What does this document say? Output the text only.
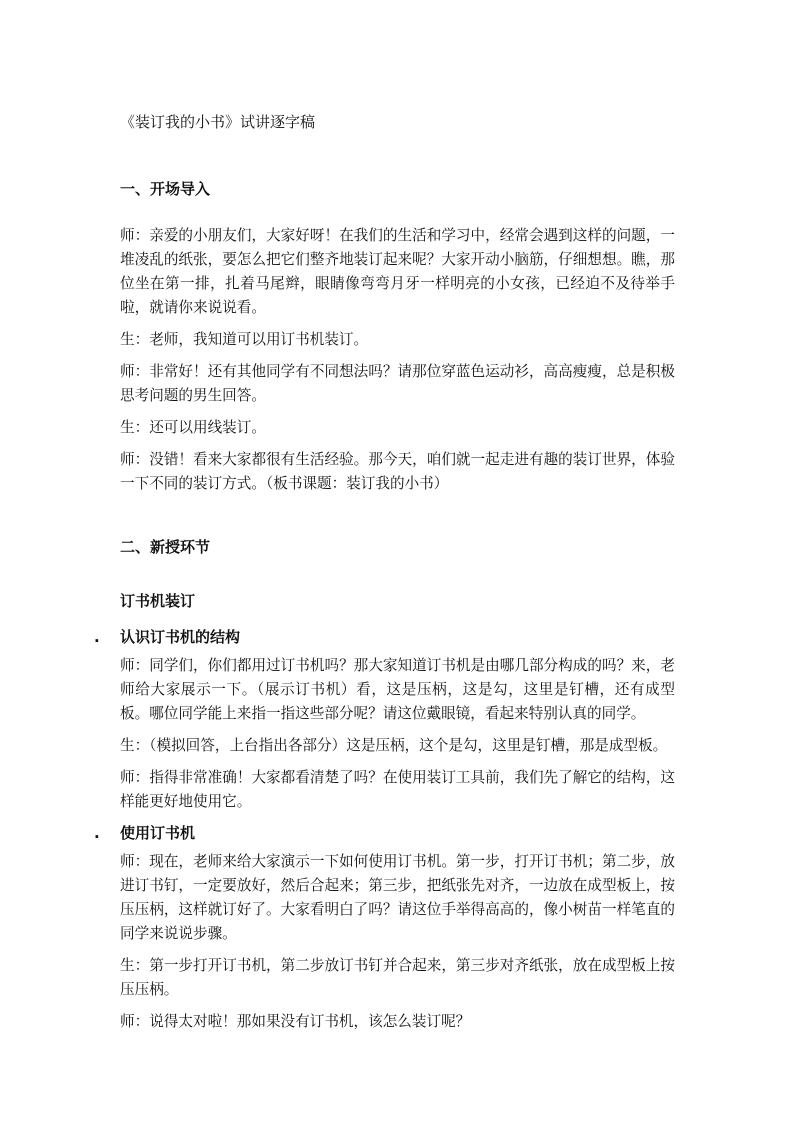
《装订我的小书》试讲逐字稿
一、开场导入

师：亲爱的小朋友们，大家好呀！在我们的生活和学习中，经常会遇到这样的问题，一堆凌乱的纸张，要怎么把它们整齐地装订起来呢？大家开动小脑筋，仔细想想。瞧，那位坐在第一排，扎着马尾辫，眼睛像弯弯月牙一样明亮的小女孩，已经迫不及待举手啦，就请你来说说看。

生：老师，我知道可以用订书机装订。

师：非常好！还有其他同学有不同想法吗？请那位穿蓝色运动衫，高高瘦瘦，总是积极思考问题的男生回答。

生：还可以用线装订。

师：没错！看来大家都很有生活经验。那今天，咱们就一起走进有趣的装订世界，体验一下不同的装订方式。（板书课题：装订我的小书）

二、新授环节
订书机装订
. 认识订书机的结构

师：同学们，你们都用过订书机吗？那大家知道订书机是由哪几部分构成的吗？来，老师给大家展示一下。（展示订书机）看，这是压柄，这是勾，这里是钉槽，还有成型板。哪位同学能上来指一指这些部分呢？请这位戴眼镜，看起来特别认真的同学。

生：（模拟回答，上台指出各部分）这是压柄，这个是勾，这里是钉槽，那是成型板。

师：指得非常准确！大家都看清楚了吗？在使用装订工具前，我们先了解它的结构，这样能更好地使用它。

. 使用订书机

师：现在，老师来给大家演示一下如何使用订书机。第一步，打开订书机；第二步，放进订书钉，一定要放好，然后合起来；第三步，把纸张先对齐，一边放在成型板上，按压压柄，这样就订好了。大家看明白了吗？请这位手举得高高的，像小树苗一样笔直的同学来说说步骤。

生：第一步打开订书机，第二步放订书钉并合起来，第三步对齐纸张，放在成型板上按压压柄。

师：说得太对啦！那如果没有订书机，该怎么装订呢？
